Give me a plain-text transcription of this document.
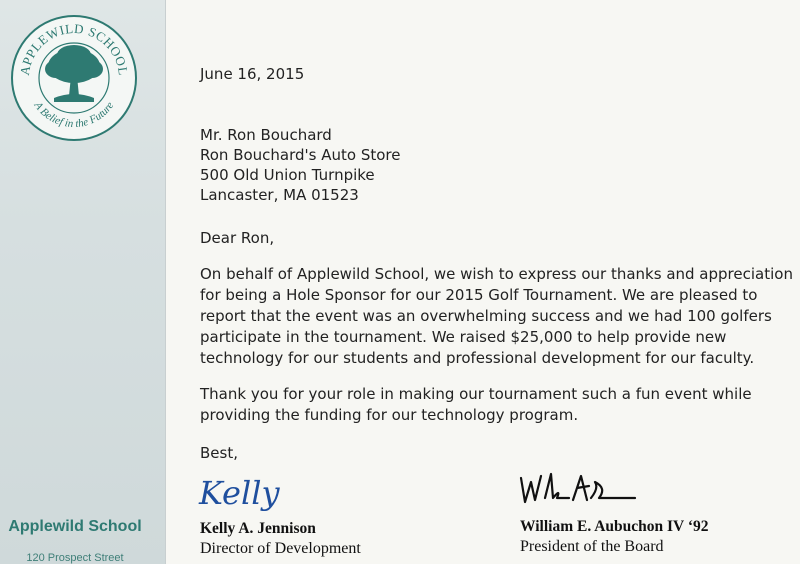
APPLEWILD SCHOOL
A Belief in the Future
Applewild School
120 Prospect Street

June 16, 2015

Mr. Ron Bouchard

Ron Bouchard's Auto Store

500 Old Union Turnpike

Lancaster, MA 01523

Dear Ron,

On behalf of Applewild School, we wish to express our thanks and appreciation

for being a Hole Sponsor for our 2015 Golf Tournament. We are pleased to

report that the event was an overwhelming success and we had 100 golfers

participate in the tournament. We raised $25,000 to help provide new

technology for our students and professional development for our faculty.

Thank you for your role in making our tournament such a fun event while

providing the funding for our technology program.

Best,

Kelly

Kelly A. Jennison

Director of Development

William E. Aubuchon IV ‘92

President of the Board
